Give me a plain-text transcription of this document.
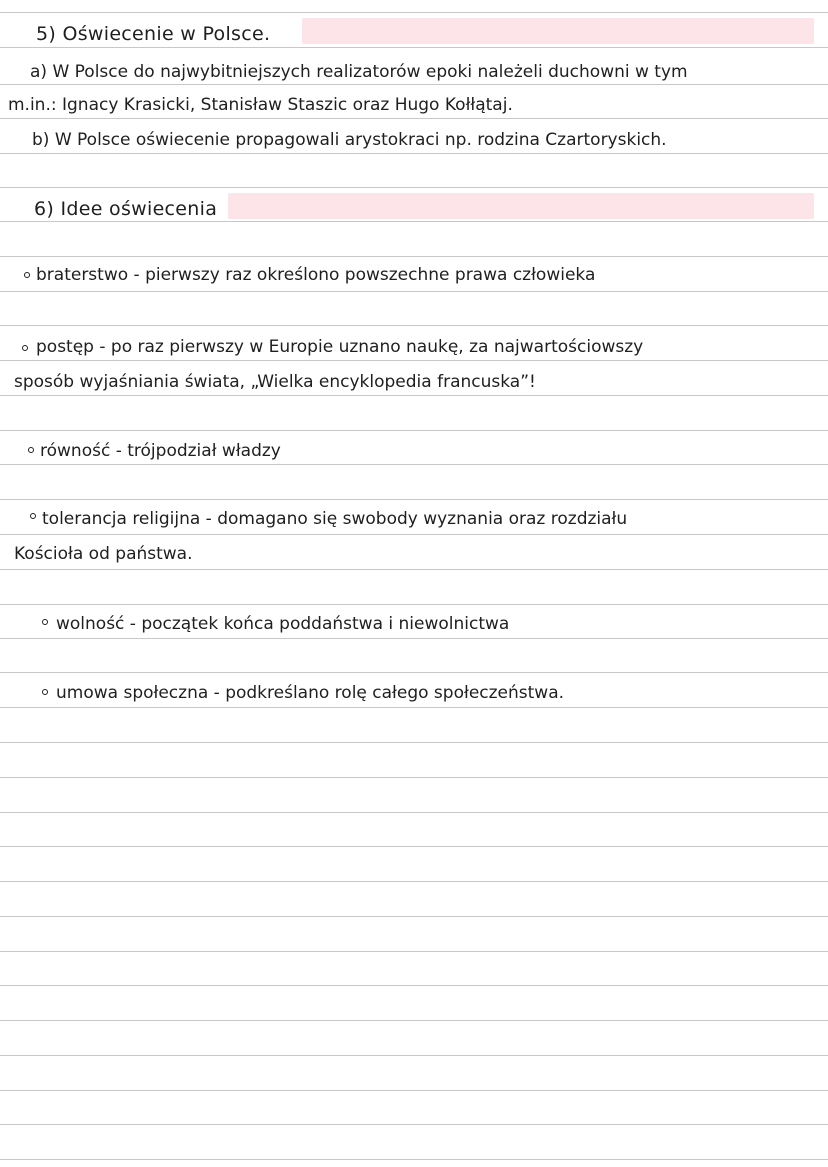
5) Oświecenie w Polsce.
a) W Polsce do najwybitniejszych realizatorów epoki należeli duchowni w tym
m.in.: Ignacy Krasicki, Stanisław Staszic oraz Hugo Kołłątaj.
b) W Polsce oświecenie propagowali arystokraci np. rodzina Czartoryskich.
6) Idee oświecenia
braterstwo - pierwszy raz określono powszechne prawa człowieka
postęp - po raz pierwszy w Europie uznano naukę, za najwartościowszy
sposób wyjaśniania świata, „Wielka encyklopedia francuska”!
równość - trójpodział władzy
tolerancja religijna - domagano się swobody wyznania oraz rozdziału
Kościoła od państwa.
wolność - początek końca poddaństwa i niewolnictwa
umowa społeczna - podkreślano rolę całego społeczeństwa.
